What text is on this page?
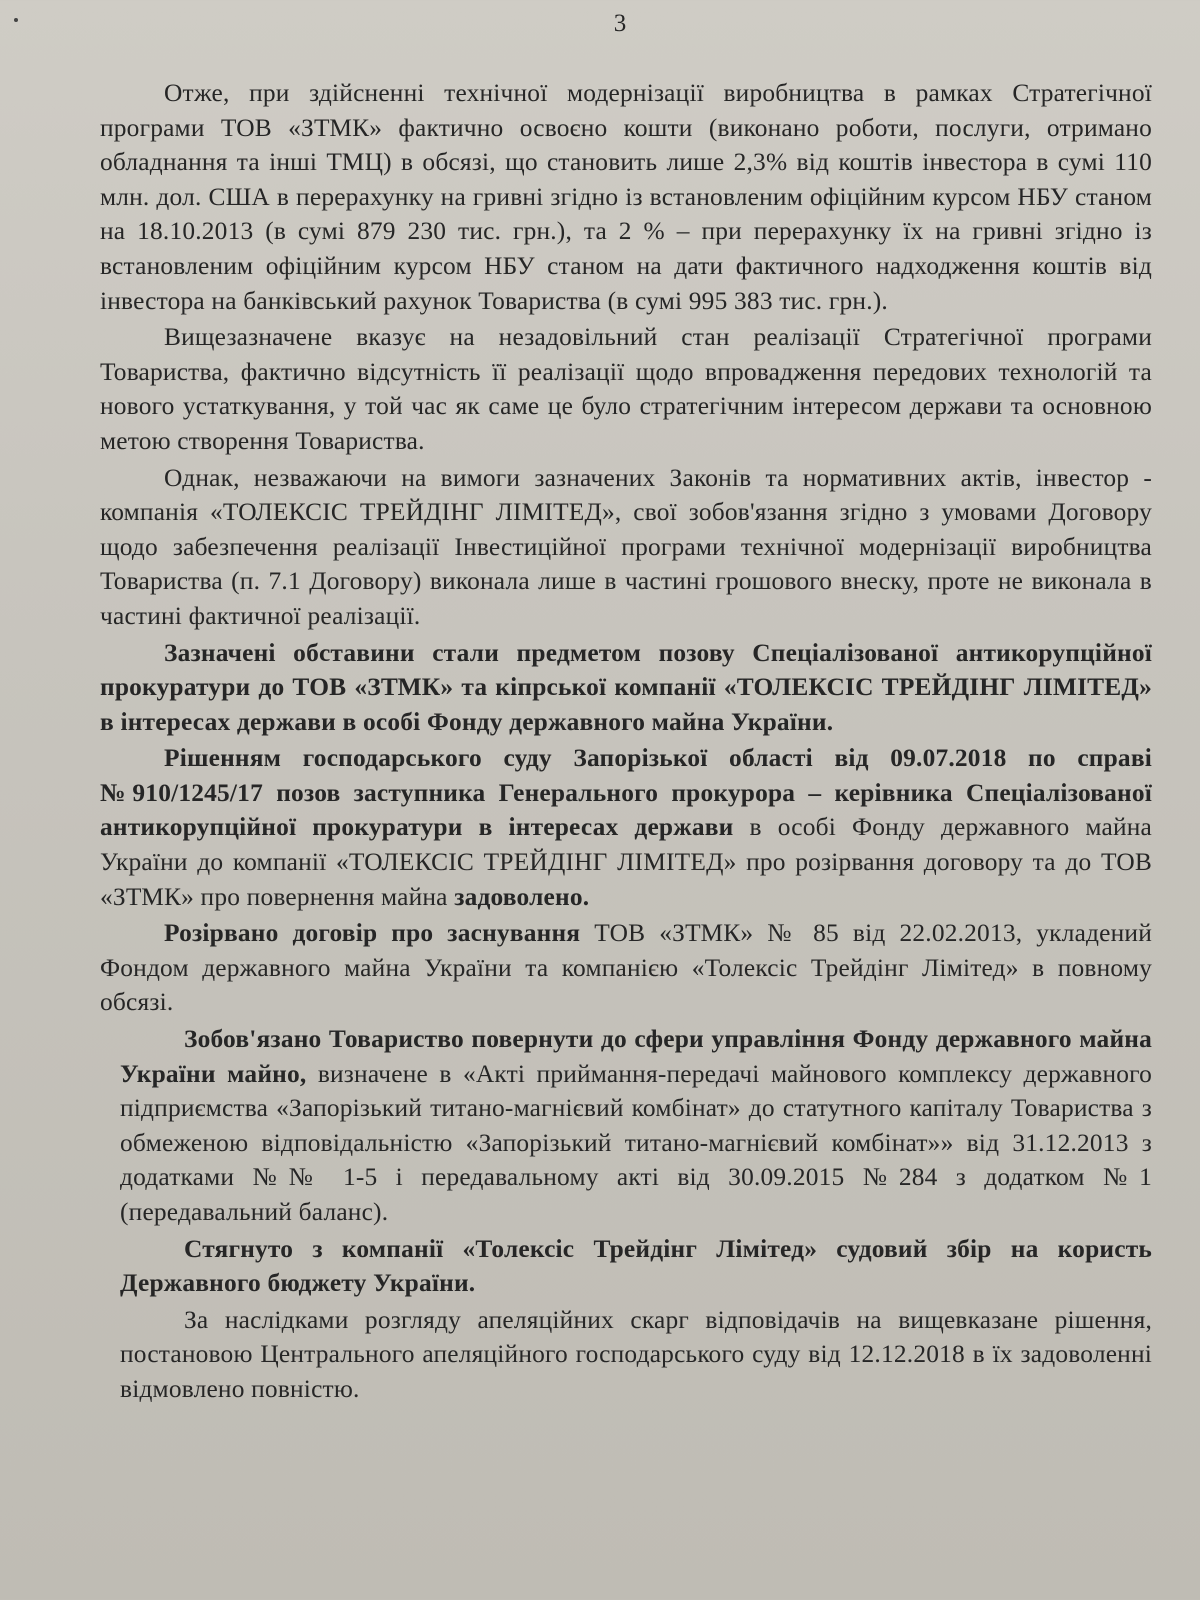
3

Отже, при здійсненні технічної модернізації виробництва в рамках Стратегічної програми ТОВ «ЗТМК» фактично освоєно кошти (виконано роботи, послуги, отримано обладнання та інші ТМЦ) в обсязі, що становить лише 2,3% від коштів інвестора в сумі 110 млн. дол. США в перерахунку на гривні згідно із встановленим офіційним курсом НБУ станом на 18.10.2013 (в сумі 879 230 тис. грн.), та 2 % – при перерахунку їх на гривні згідно із встановленим офіційним курсом НБУ станом на дати фактичного надходження коштів від інвестора на банківський рахунок Товариства (в сумі 995 383 тис. грн.).

Вищезазначене вказує на незадовільний стан реалізації Стратегічної програми Товариства, фактично відсутність її реалізації щодо впровадження передових технологій та нового устаткування, у той час як саме це було стратегічним інтересом держави та основною метою створення Товариства.

Однак, незважаючи на вимоги зазначених Законів та нормативних актів, інвестор - компанія «ТОЛЕКСІС ТРЕЙДІНГ ЛІМІТЕД», свої зобов'язання згідно з умовами Договору щодо забезпечення реалізації Інвестиційної програми технічної модернізації виробництва Товариства (п. 7.1 Договору) виконала лише в частині грошового внеску, проте не виконала в частині фактичної реалізації.

Зазначені обставини стали предметом позову Спеціалізованої антикорупційної прокуратури до ТОВ «ЗТМК» та кіпрської компанії «ТОЛЕКСІС ТРЕЙДІНГ ЛІМІТЕД» в інтересах держави в особі Фонду державного майна України.

Рішенням господарського суду Запорізької області від 09.07.2018 по справі №910/1245/17 позов заступника Генерального прокурора – керівника Спеціалізованої антикорупційної прокуратури в інтересах держави в особі Фонду державного майна України до компанії «ТОЛЕКСІС ТРЕЙДІНГ ЛІМІТЕД» про розірвання договору та до ТОВ «ЗТМК» про повернення майна задоволено.

Розірвано договір про заснування ТОВ «ЗТМК» № 85 від 22.02.2013, укладений Фондом державного майна України та компанією «Толексіс Трейдінг Лімітед» в повному обсязі.

Зобов'язано Товариство повернути до сфери управління Фонду державного майна України майно, визначене в «Акті приймання-передачі майнового комплексу державного підприємства «Запорізький титано-магнієвий комбінат» до статутного капіталу Товариства з обмеженою відповідальністю «Запорізький титано-магнієвий комбінат»» від 31.12.2013 з додатками №№ 1-5 і передавальному акті від 30.09.2015 №284 з додатком №1 (передавальний баланс).

Стягнуто з компанії «Толексіс Трейдінг Лімітед» судовий збір на користь Державного бюджету України.

За наслідками розгляду апеляційних скарг відповідачів на вищевказане рішення, постановою Центрального апеляційного господарського суду від 12.12.2018 в їх задоволенні відмовлено повністю.
